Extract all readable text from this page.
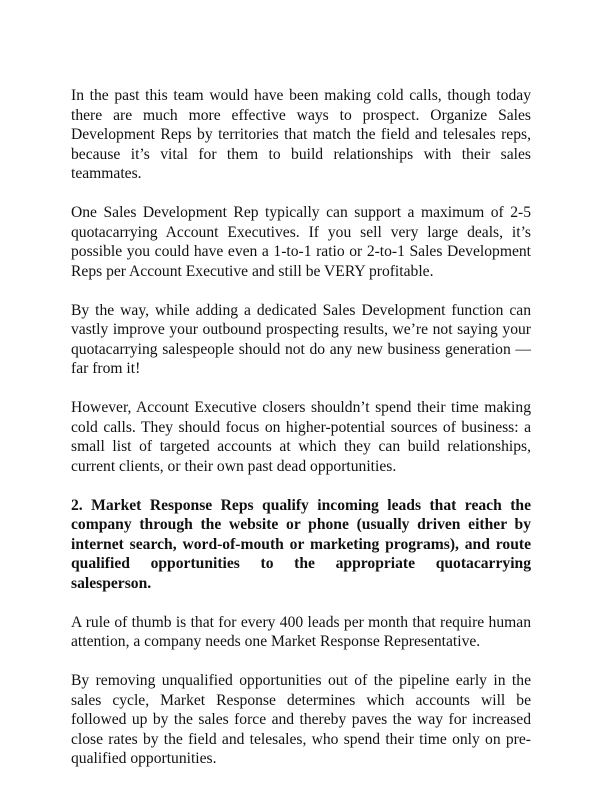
In the past this team would have been making cold calls, though today there are much more effective ways to prospect. Organize Sales Development Reps by territories that match the field and telesales reps, because it’s vital for them to build relationships with their sales teammates.

One Sales Development Rep typically can support a maximum of 2-5 quotacarrying Account Executives. If you sell very large deals, it’s possible you could have even a 1-to-1 ratio or 2-to-1 Sales Development Reps per Account Executive and still be VERY profitable.

By the way, while adding a dedicated Sales Development function can vastly improve your outbound prospecting results, we’re not saying your quotacarrying salespeople should not do any new business generation — far from it!

However, Account Executive closers shouldn’t spend their time making cold calls. They should focus on higher-potential sources of business: a small list of targeted accounts at which they can build relationships, current clients, or their own past dead opportunities.

2. Market Response Reps qualify incoming leads that reach the company through the website or phone (usually driven either by internet search, word-of-mouth or marketing programs), and route qualified opportunities to the appropriate quotacarrying salesperson.

A rule of thumb is that for every 400 leads per month that require human attention, a company needs one Market Response Representative.

By removing unqualified opportunities out of the pipeline early in the sales cycle, Market Response determines which accounts will be followed up by the sales force and thereby paves the way for increased close rates by the field and telesales, who spend their time only on pre-qualified opportunities.
